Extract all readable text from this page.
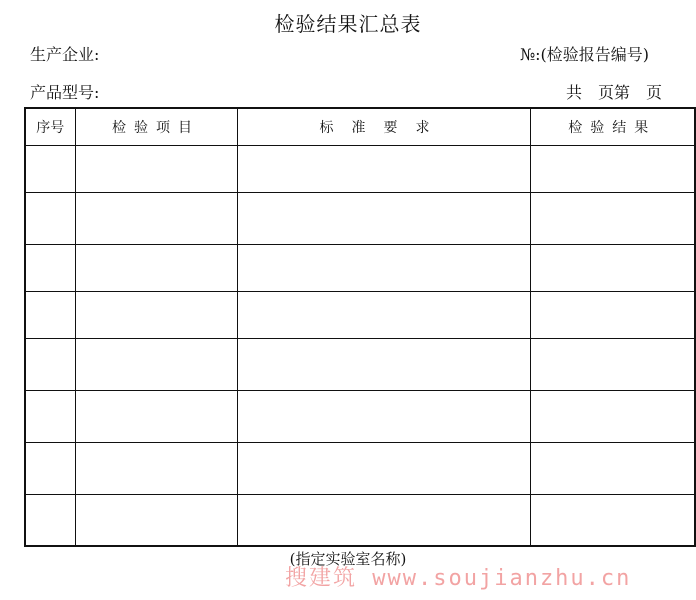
检验结果汇总表
生产企业:	№:(检验报告编号)
产品型号:	共　页第　页
序号	检验项目	标准要求	检验结果

(指定实验室名称)
搜建筑 www.soujianzhu.cn
